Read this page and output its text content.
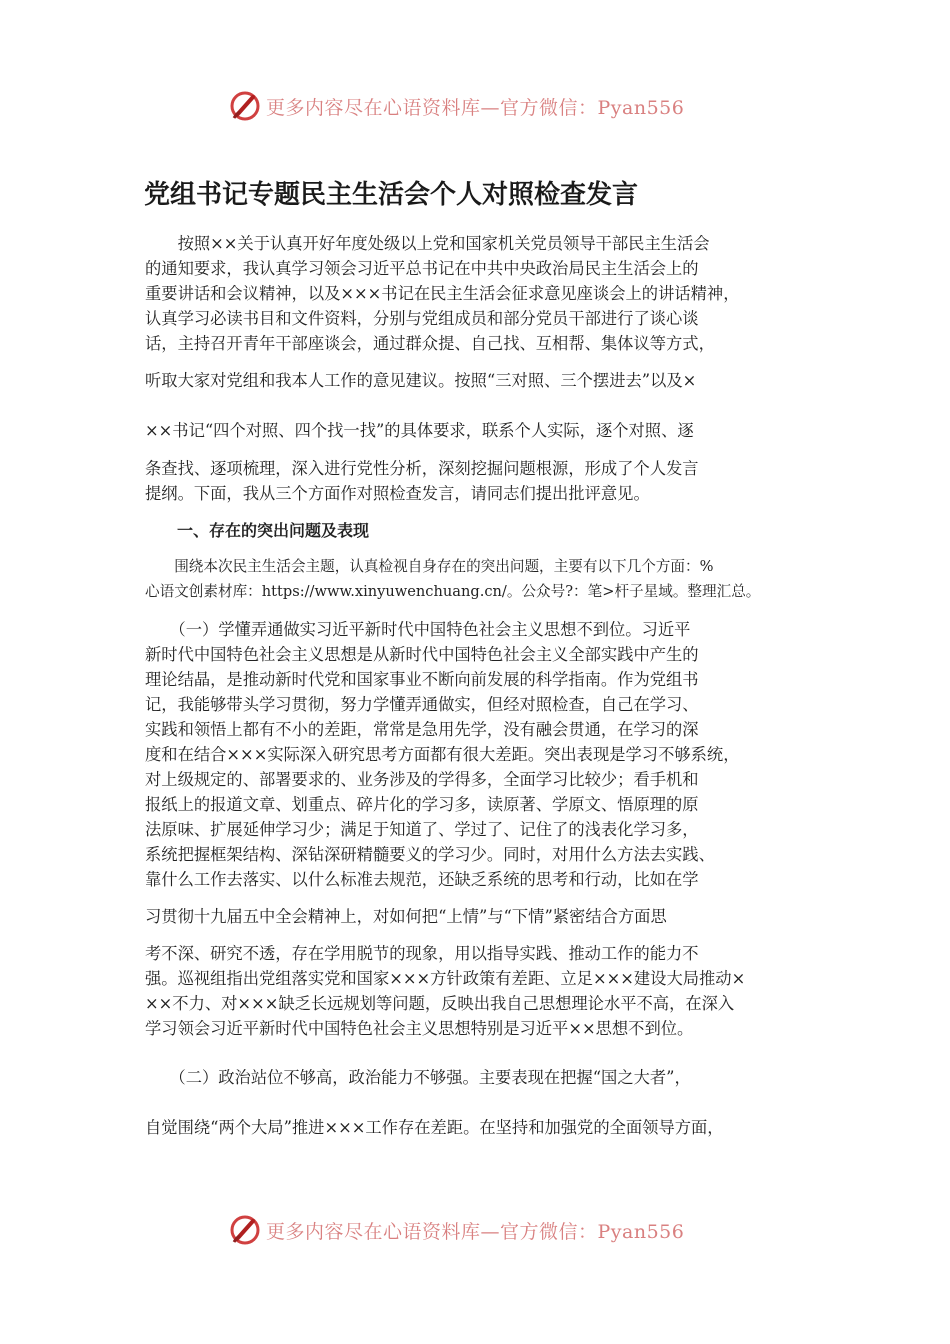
更多内容尽在心语资料库—官方微信：Pyan556
党组书记专题民主生活会个人对照检查发言
　　按照××关于认真开好年度处级以上党和国家机关党员领导干部民主生活会
的通知要求，我认真学习领会习近平总书记在中共中央政治局民主生活会上的
重要讲话和会议精神，以及×××书记在民主生活会征求意见座谈会上的讲话精神，
认真学习必读书目和文件资料，分别与党组成员和部分党员干部进行了谈心谈
话，主持召开青年干部座谈会，通过群众提、自己找、互相帮、集体议等方式，
听取大家对党组和我本人工作的意见建议。按照“三对照、三个摆进去”以及×
××书记“四个对照、四个找一找”的具体要求，联系个人实际，逐个对照、逐
条查找、逐项梳理，深入进行党性分析，深刻挖掘问题根源，形成了个人发言
提纲。下面，我从三个方面作对照检查发言，请同志们提出批评意见。
　　一、存在的突出问题及表现
　　围绕本次民主生活会主题，认真检视自身存在的突出问题，主要有以下几个方面：%
心语文创素材库：https://www.xinyuwenchuang.cn/。公众号?：笔>杆子星域。整理汇总。
　　（一）学懂弄通做实习近平新时代中国特色社会主义思想不到位。习近平
新时代中国特色社会主义思想是从新时代中国特色社会主义全部实践中产生的
理论结晶，是推动新时代党和国家事业不断向前发展的科学指南。作为党组书
记，我能够带头学习贯彻，努力学懂弄通做实，但经对照检查，自己在学习、
实践和领悟上都有不小的差距，常常是急用先学，没有融会贯通，在学习的深
度和在结合×××实际深入研究思考方面都有很大差距。突出表现是学习不够系统，
对上级规定的、部署要求的、业务涉及的学得多，全面学习比较少；看手机和
报纸上的报道文章、划重点、碎片化的学习多，读原著、学原文、悟原理的原
法原味、扩展延伸学习少；满足于知道了、学过了、记住了的浅表化学习多，
系统把握框架结构、深钻深研精髓要义的学习少。同时，对用什么方法去实践、
靠什么工作去落实、以什么标准去规范，还缺乏系统的思考和行动，比如在学
习贯彻十九届五中全会精神上，对如何把“上情”与“下情”紧密结合方面思
考不深、研究不透，存在学用脱节的现象，用以指导实践、推动工作的能力不
强。巡视组指出党组落实党和国家×××方针政策有差距、立足×××建设大局推动×
××不力、对×××缺乏长远规划等问题，反映出我自己思想理论水平不高，在深入
学习领会习近平新时代中国特色社会主义思想特别是习近平××思想不到位。
　　（二）政治站位不够高，政治能力不够强。主要表现在把握“国之大者”，
自觉围绕“两个大局”推进×××工作存在差距。在坚持和加强党的全面领导方面，
更多内容尽在心语资料库—官方微信：Pyan556
